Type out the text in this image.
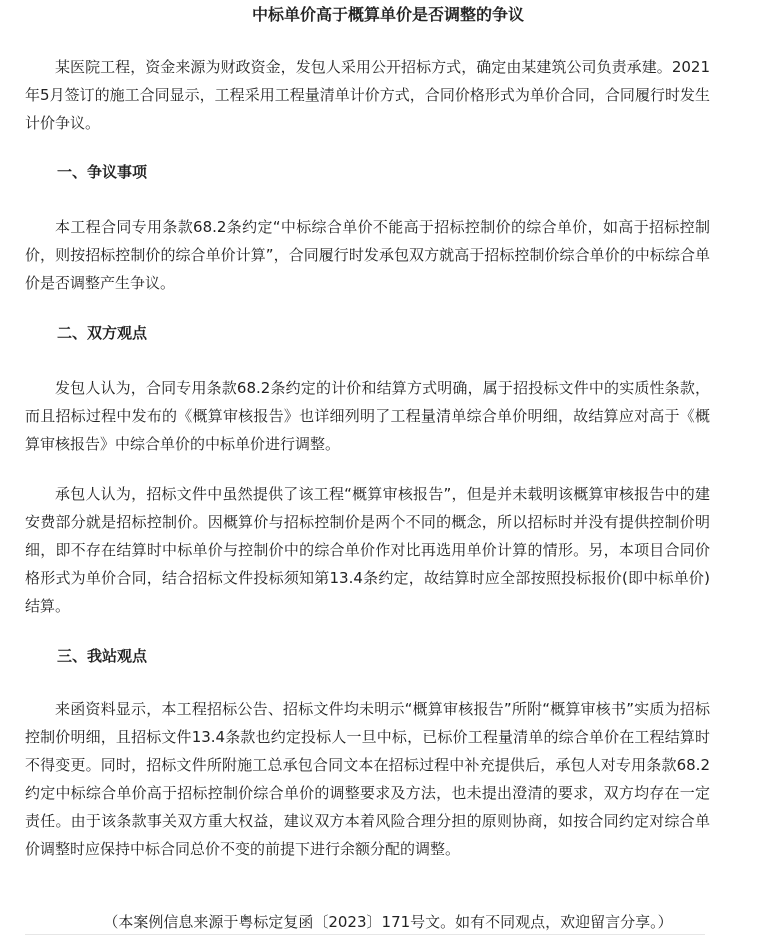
中标单价高于概算单价是否调整的争议

某医院工程，资金来源为财政资金，发包人采用公开招标方式，确定由某建筑公司负责承建。2021年5月签订的施工合同显示，工程采用工程量清单计价方式，合同价格形式为单价合同，合同履行时发生计价争议。

一、争议事项

本工程合同专用条款68.2条约定“中标综合单价不能高于招标控制价的综合单价，如高于招标控制价，则按招标控制价的综合单价计算”，合同履行时发承包双方就高于招标控制价综合单价的中标综合单价是否调整产生争议。

二、双方观点

发包人认为，合同专用条款68.2条约定的计价和结算方式明确，属于招投标文件中的实质性条款，而且招标过程中发布的《概算审核报告》也详细列明了工程量清单综合单价明细，故结算应对高于《概算审核报告》中综合单价的中标单价进行调整。

承包人认为，招标文件中虽然提供了该工程“概算审核报告”，但是并未载明该概算审核报告中的建安费部分就是招标控制价。因概算价与招标控制价是两个不同的概念，所以招标时并没有提供控制价明细，即不存在结算时中标单价与控制价中的综合单价作对比再选用单价计算的情形。另，本项目合同价格形式为单价合同，结合招标文件投标须知第13.4条约定，故结算时应全部按照投标报价(即中标单价)结算。

三、我站观点

来函资料显示，本工程招标公告、招标文件均未明示“概算审核报告”所附“概算审核书”实质为招标控制价明细，且招标文件13.4条款也约定投标人一旦中标，已标价工程量清单的综合单价在工程结算时不得变更。同时，招标文件所附施工总承包合同文本在招标过程中补充提供后，承包人对专用条款68.2约定中标综合单价高于招标控制价综合单价的调整要求及方法，也未提出澄清的要求，双方均存在一定责任。由于该条款事关双方重大权益，建议双方本着风险合理分担的原则协商，如按合同约定对综合单价调整时应保持中标合同总价不变的前提下进行余额分配的调整。

（本案例信息来源于粤标定复函〔2023〕171号文。如有不同观点，欢迎留言分享。）
